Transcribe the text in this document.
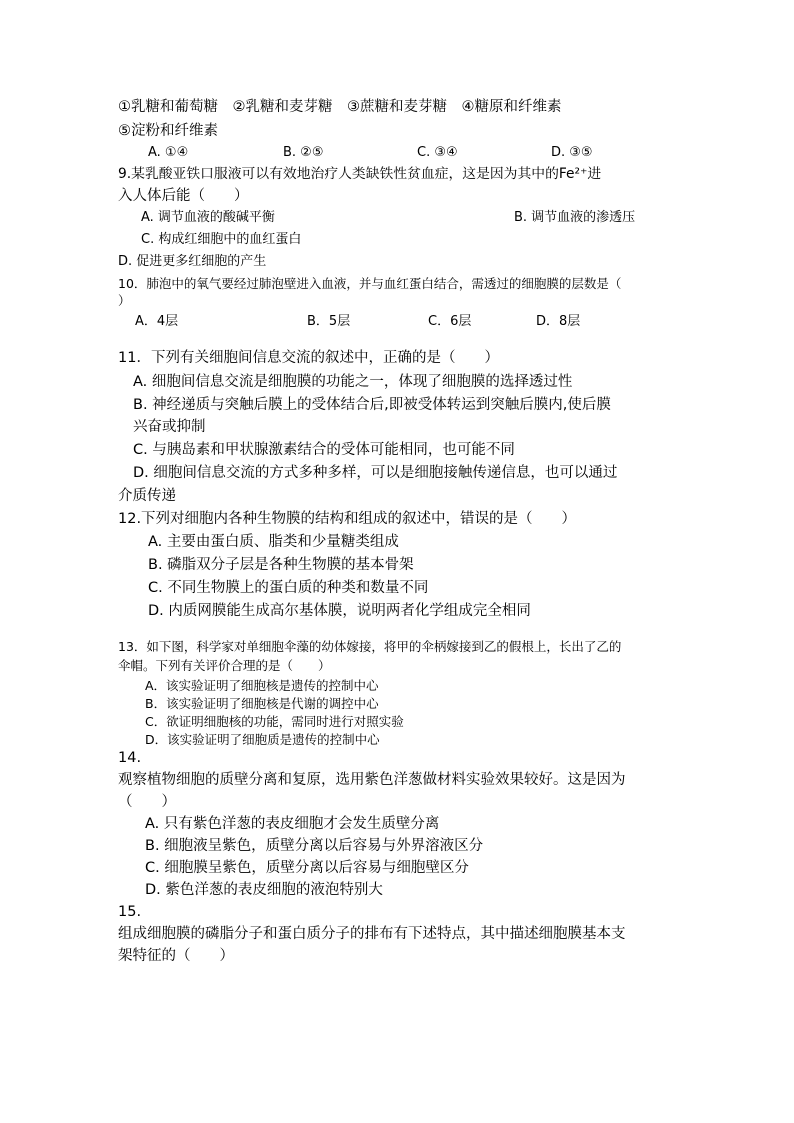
①乳糖和葡萄糖　②乳糖和麦芽糖　③蔗糖和麦芽糖　④糖原和纤维素
⑤淀粉和纤维素
A. ①④	B. ②⑤	C. ③④	D. ③⑤
9.某乳酸亚铁口服液可以有效地治疗人类缺铁性贫血症，这是因为其中的Fe²⁺进
入人体后能（　　）
A. 调节血液的酸碱平衡	B. 调节血液的渗透压
C. 构成红细胞中的血红蛋白
D. 促进更多红细胞的产生
10．肺泡中的氧气要经过肺泡壁进入血液，并与血红蛋白结合，需透过的细胞膜的层数是（
）
A．4层	B．5层	C．6层	D．8层
11．下列有关细胞间信息交流的叙述中，正确的是（　　）
A. 细胞间信息交流是细胞膜的功能之一，体现了细胞膜的选择透过性
B. 神经递质与突触后膜上的受体结合后,即被受体转运到突触后膜内,使后膜
兴奋或抑制
C. 与胰岛素和甲状腺激素结合的受体可能相同，也可能不同
D. 细胞间信息交流的方式多种多样，可以是细胞接触传递信息，也可以通过
介质传递
12.下列对细胞内各种生物膜的结构和组成的叙述中，错误的是（　　）
A. 主要由蛋白质、脂类和少量糖类组成
B. 磷脂双分子层是各种生物膜的基本骨架
C. 不同生物膜上的蛋白质的种类和数量不同
D. 内质网膜能生成高尔基体膜，说明两者化学组成完全相同
13．如下图，科学家对单细胞伞藻的幼体嫁接，将甲的伞柄嫁接到乙的假根上，长出了乙的
伞帽。下列有关评价合理的是（　　）
A．该实验证明了细胞核是遗传的控制中心
B．该实验证明了细胞核是代谢的调控中心
C．欲证明细胞核的功能，需同时进行对照实验
D．该实验证明了细胞质是遗传的控制中心
14.
观察植物细胞的质壁分离和复原，选用紫色洋葱做材料实验效果较好。这是因为
（　　）
A. 只有紫色洋葱的表皮细胞才会发生质壁分离
B. 细胞液呈紫色，质壁分离以后容易与外界溶液区分
C. 细胞膜呈紫色，质壁分离以后容易与细胞壁区分
D. 紫色洋葱的表皮细胞的液泡特别大
15.
组成细胞膜的磷脂分子和蛋白质分子的排布有下述特点，其中描述细胞膜基本支
架特征的（　　）
